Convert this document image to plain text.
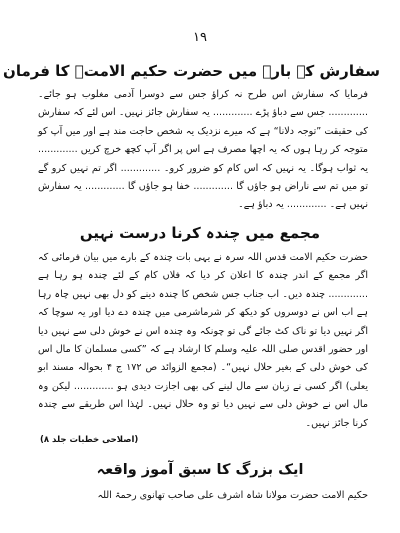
۱۹
سفارش کے بارے میں حضرت حکیم الامتؒ کا فرمان

فرمایا کہ سفارش اس طرح نہ کراؤ جس سے دوسرا آدمی مغلوب ہو جائے۔ ............. جس سے دباؤ پڑے ............. یہ سفارش جائز نہیں۔ اس لئے کہ سفارش کی حقیقت ”توجہ دلانا“ ہے کہ میرے نزدیک یہ شخص حاجت مند ہے اور میں آپ کو متوجہ کر رہا ہوں کہ یہ اچھا مصرف ہے اس پر اگر آپ کچھ خرچ کریں ............. یہ ثواب ہوگا۔ یہ نہیں کہ اس کام کو ضرور کرو۔ ............. اگر تم نہیں کرو گے تو میں تم سے ناراض ہو جاؤں گا ............. خفا ہو جاؤں گا ............. یہ سفارش نہیں ہے۔ ............. یہ دباؤ ہے۔

مجمع میں چندہ کرنا درست نہیں

حضرت حکیم الامت قدس اللہ سرہ نے یہی بات چندہ کے بارے میں بیان فرمائی کہ اگر مجمع کے اندر چندہ کا اعلان کر دیا کہ فلاں کام کے لئے چندہ ہو رہا ہے ............. چندہ دیں۔ اب جناب جس شخص کا چندہ دینے کو دل بھی نہیں چاہ رہا ہے اب اس نے دوسروں کو دیکھ کر شرماشرمی میں چندہ دے دیا اور یہ سوچا کہ اگر نہیں دیا تو ناک کٹ جائے گی تو چونکہ وہ چندہ اس نے خوش دلی سے نہیں دیا اور حضور اقدس صلی اللہ علیہ وسلم کا ارشاد ہے کہ ”کسی مسلمان کا مال اس کی خوش دلی کے بغیر حلال نہیں“۔ (مجمع الزوائد ص ۱۷۲ ج ۴ بحوالہ مسند ابو یعلی) اگر کسی نے زبان سے مال لینے کی بھی اجازت دیدی ہو ............. لیکن وہ مال اس نے خوش دلی سے نہیں دیا تو وہ حلال نہیں۔ لہٰذا اس طریقے سے چندہ کرنا جائز نہیں۔

(اصلاحی خطبات جلد ۸)
ایک بزرگ کا سبق آموز واقعہ

حکیم الامت حضرت مولانا شاہ اشرف علی صاحب تھانوی رحمۃ اللہ
